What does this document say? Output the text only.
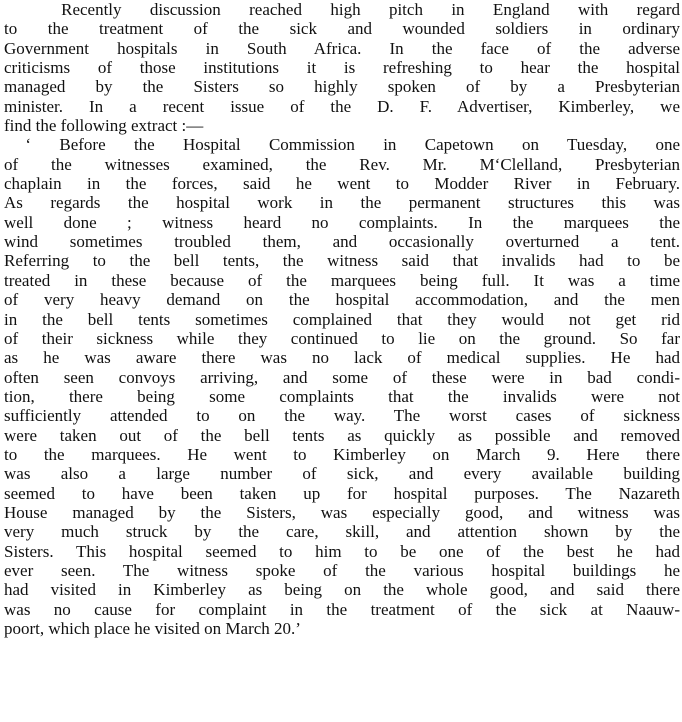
Recently discussion reached high pitch in England with regard
to the treatment of the sick and wounded soldiers in ordinary
Government hospitals in South Africa. In the face of the adverse
criticisms of those institutions it is refreshing to hear the hospital
managed by the Sisters so highly spoken of by a Presbyterian
minister. In a recent issue of the D. F. Advertiser, Kimberley, we
find the following extract :—
‘ Before the Hospital Commission in Capetown on Tuesday, one
of the witnesses examined, the Rev. Mr. M‘Clelland, Presbyterian
chaplain in the forces, said he went to Modder River in February.
As regards the hospital work in the permanent structures this was
well done ; witness heard no complaints. In the marquees the
wind sometimes troubled them, and occasionally overturned a tent.
Referring to the bell tents, the witness said that invalids had to be
treated in these because of the marquees being full. It was a time
of very heavy demand on the hospital accommodation, and the men
in the bell tents sometimes complained that they would not get rid
of their sickness while they continued to lie on the ground. So far
as he was aware there was no lack of medical supplies. He had
often seen convoys arriving, and some of these were in bad condi-
tion, there being some complaints that the invalids were not
sufficiently attended to on the way. The worst cases of sickness
were taken out of the bell tents as quickly as possible and removed
to the marquees. He went to Kimberley on March 9. Here there
was also a large number of sick, and every available building
seemed to have been taken up for hospital purposes. The Nazareth
House managed by the Sisters, was especially good, and witness was
very much struck by the care, skill, and attention shown by the
Sisters. This hospital seemed to him to be one of the best he had
ever seen. The witness spoke of the various hospital buildings he
had visited in Kimberley as being on the whole good, and said there
was no cause for complaint in the treatment of the sick at Naauw-
poort, which place he visited on March 20.’
